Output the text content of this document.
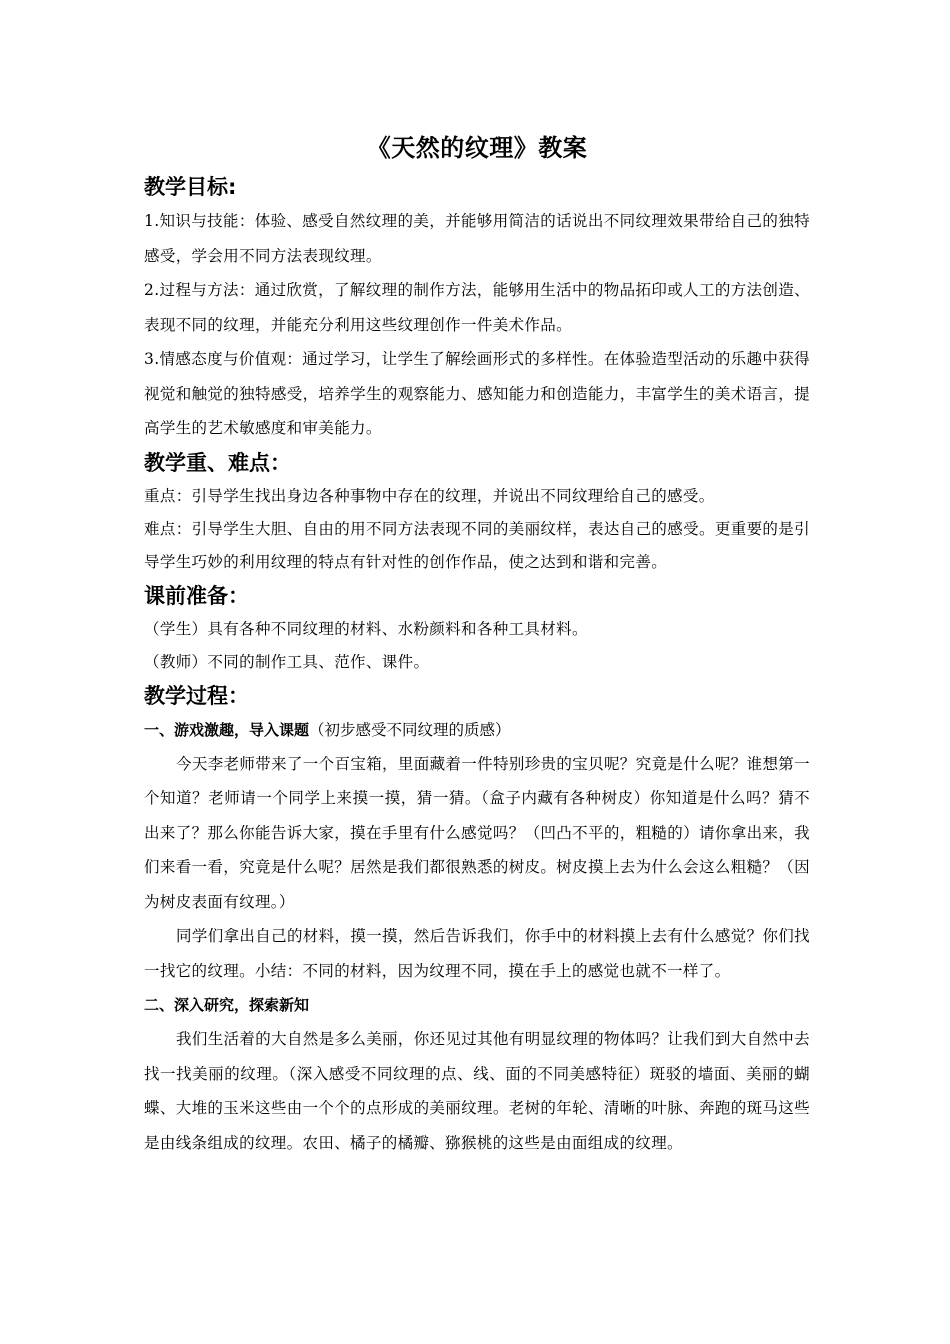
《天然的纹理》教案
教学目标:

1.知识与技能：体验、感受自然纹理的美，并能够用简洁的话说出不同纹理效果带给自己的独特感受，学会用不同方法表现纹理。

2.过程与方法：通过欣赏，了解纹理的制作方法，能够用生活中的物品拓印或人工的方法创造、表现不同的纹理，并能充分利用这些纹理创作一件美术作品。

3.情感态度与价值观：通过学习，让学生了解绘画形式的多样性。在体验造型活动的乐趣中获得视觉和触觉的独特感受，培养学生的观察能力、感知能力和创造能力，丰富学生的美术语言，提高学生的艺术敏感度和审美能力。

教学重、难点：

重点：引导学生找出身边各种事物中存在的纹理，并说出不同纹理给自己的感受。

难点：引导学生大胆、自由的用不同方法表现不同的美丽纹样，表达自己的感受。更重要的是引导学生巧妙的利用纹理的特点有针对性的创作作品，使之达到和谐和完善。

课前准备：

（学生）具有各种不同纹理的材料、水粉颜料和各种工具材料。

（教师）不同的制作工具、范作、课件。

教学过程：

一、游戏激趣，导入课题（初步感受不同纹理的质感）

今天李老师带来了一个百宝箱，里面藏着一件特别珍贵的宝贝呢？究竟是什么呢？谁想第一个知道？老师请一个同学上来摸一摸，猜一猜。（盒子内藏有各种树皮）你知道是什么吗？猜不出来了？那么你能告诉大家，摸在手里有什么感觉吗？（凹凸不平的，粗糙的）请你拿出来，我们来看一看，究竟是什么呢？居然是我们都很熟悉的树皮。树皮摸上去为什么会这么粗糙？（因为树皮表面有纹理。）

同学们拿出自己的材料，摸一摸，然后告诉我们，你手中的材料摸上去有什么感觉？你们找一找它的纹理。小结：不同的材料，因为纹理不同，摸在手上的感觉也就不一样了。

二、深入研究，探索新知

我们生活着的大自然是多么美丽，你还见过其他有明显纹理的物体吗？让我们到大自然中去找一找美丽的纹理。（深入感受不同纹理的点、线、面的不同美感特征）斑驳的墙面、美丽的蝴蝶、大堆的玉米这些由一个个的点形成的美丽纹理。老树的年轮、清晰的叶脉、奔跑的斑马这些是由线条组成的纹理。农田、橘子的橘瓣、猕猴桃的这些是由面组成的纹理。
